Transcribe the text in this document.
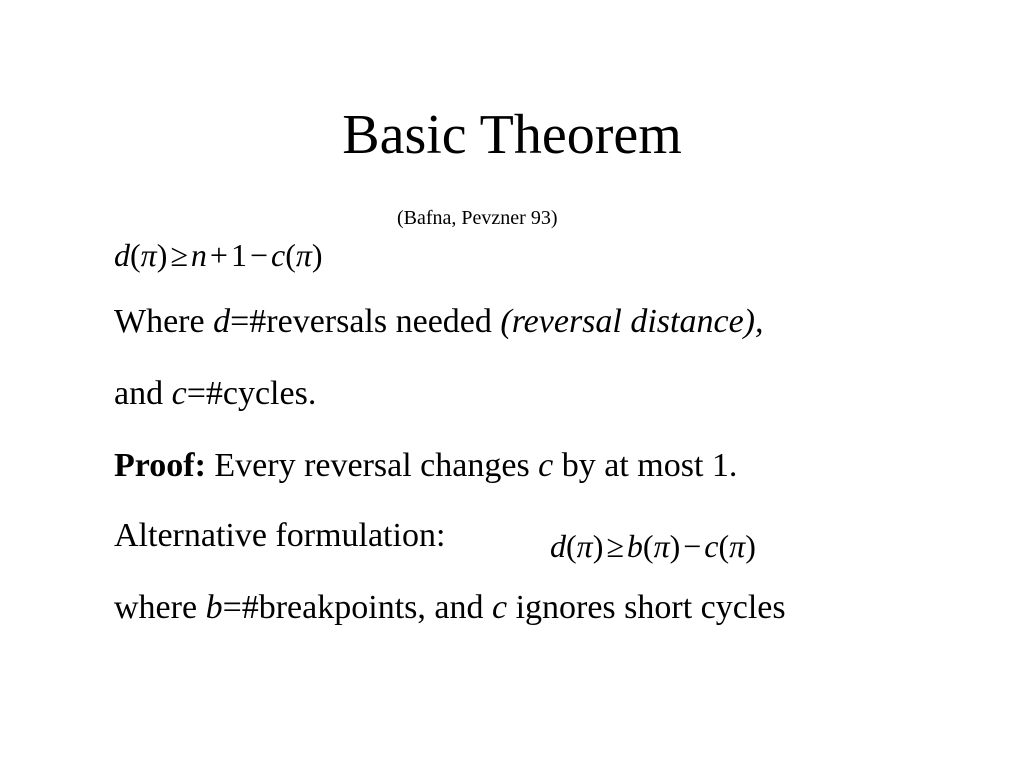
Basic Theorem
(Bafna, Pevzner 93)
d(π)≥n+1−c(π)
Where d=#reversals needed (reversal distance),
and c=#cycles.
Proof: Every reversal changes c by at most 1.
Alternative formulation:	d(π)≥b(π)−c(π)
where b=#breakpoints, and c ignores short cycles
